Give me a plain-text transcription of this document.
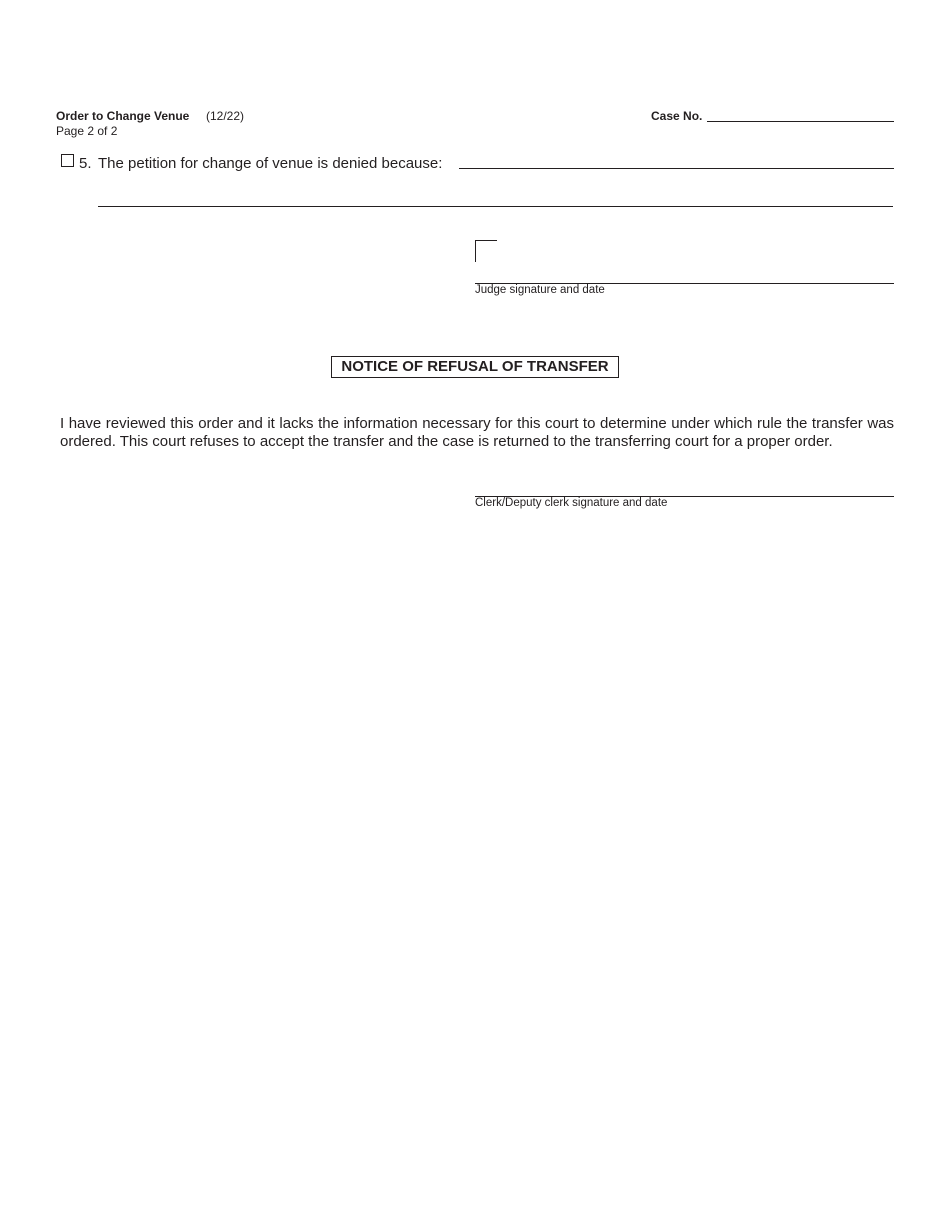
Order to Change Venue (12/22)
Page 2 of 2
Case No.
5. The petition for change of venue is denied because:
Judge signature and date
NOTICE OF REFUSAL OF TRANSFER

I have reviewed this order and it lacks the information necessary for this court to determine under which rule the transfer was ordered. This court refuses to accept the transfer and the case is returned to the transferring court for a proper order.

Clerk/Deputy clerk signature and date
